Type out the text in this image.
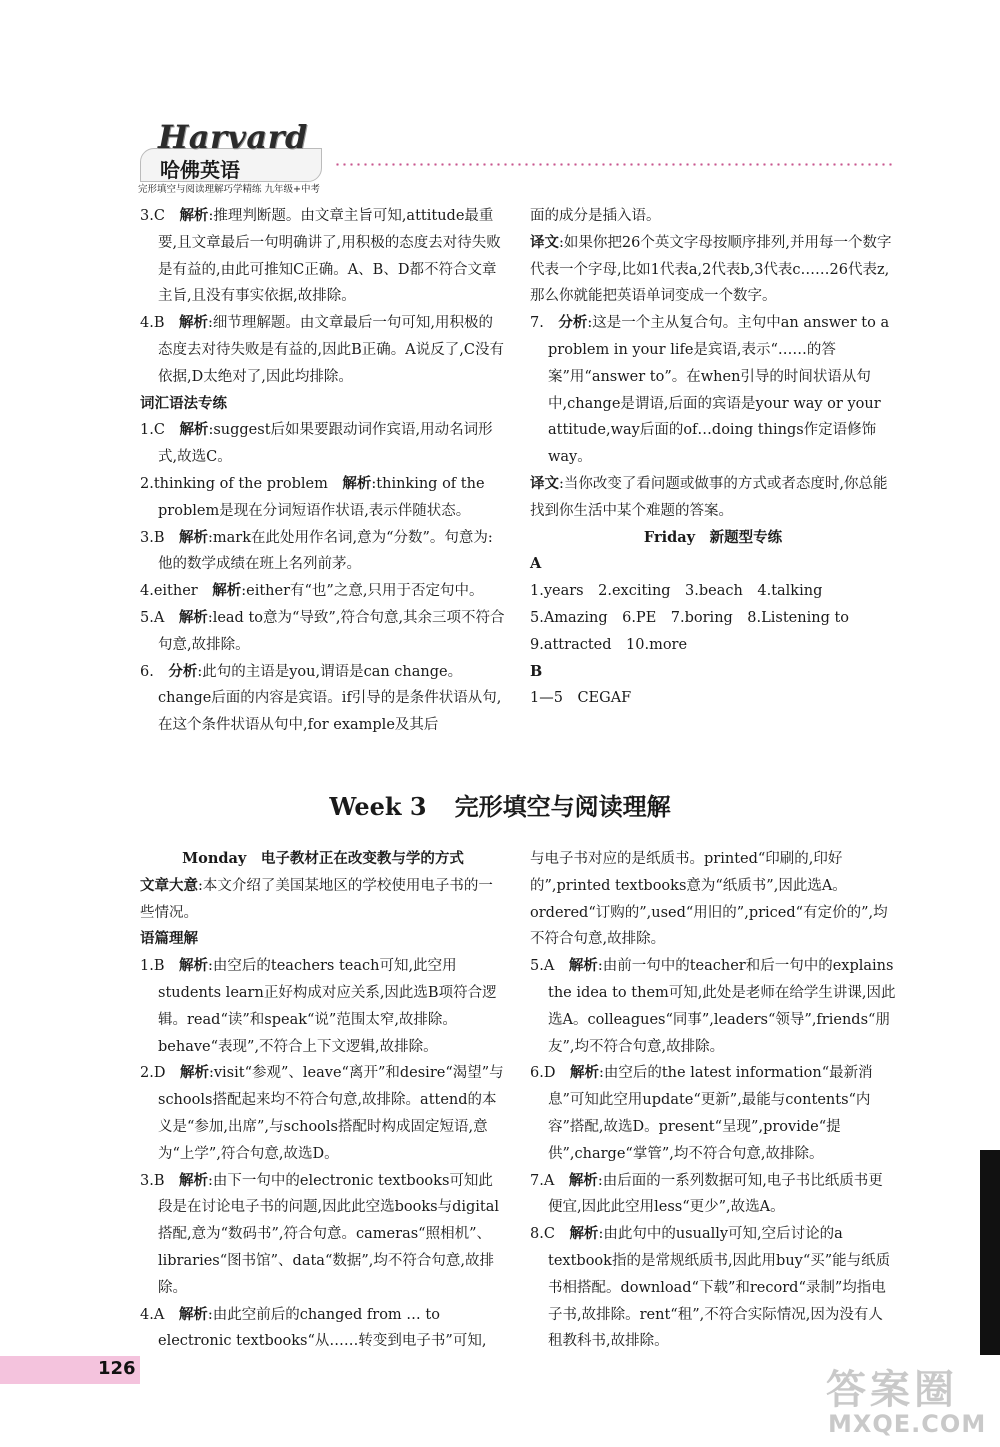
Harvard
哈佛英语
完形填空与阅读理解巧学精练 九年级+中考

3.C　 解析:推理判断题。由文章主旨可知,attitude最重要,且文章最后一句明确讲了,用积极的态度去对待失败是有益的,由此可推知C正确。A、B、D都不符合文章主旨,且没有事实依据,故排除。

4.B　 解析:细节理解题。由文章最后一句可知,用积极的态度去对待失败是有益的,因此B正确。A说反了,C没有依据,D太绝对了,因此均排除。

词汇语法专练

1.C　 解析:suggest后如果要跟动词作宾语,用动名词形式,故选C。

2.thinking of the problem　 解析:thinking of the problem是现在分词短语作状语,表示伴随状态。

3.B　 解析:mark在此处用作名词,意为“分数”。句意为:他的数学成绩在班上名列前茅。

4.either　 解析:either有“也”之意,只用于否定句中。

5.A　 解析:lead to意为“导致”,符合句意,其余三项不符合句意,故排除。

6.　 分析:此句的主语是you,谓语是can change。change后面的内容是宾语。if引导的是条件状语从句,在这个条件状语从句中,for example及其后

面的成分是插入语。

译文:如果你把26个英文字母按顺序排列,并用每一个数字代表一个字母,比如1代表a,2代表b,3代表c……26代表z,那么你就能把英语单词变成一个数字。

7.　 分析:这是一个主从复合句。主句中an answer to a problem in your life是宾语,表示“……的答案”用“answer to”。在when引导的时间状语从句中,change是谓语,后面的宾语是your way or your attitude,way后面的of…doing things作定语修饰way。

译文:当你改变了看问题或做事的方式或者态度时,你总能找到你生活中某个难题的答案。

Friday　新题型专练

A

1.years　2.exciting　3.beach　4.talking

5.Amazing　6.PE　7.boring　8.Listening to

9.attracted　10.more

B

1—5　CEGAF

Week 3 完形填空与阅读理解

Monday　电子教材正在改变教与学的方式

文章大意:本文介绍了美国某地区的学校使用电子书的一些情况。

语篇理解

1.B　 解析:由空后的teachers teach可知,此空用students learn正好构成对应关系,因此选B项符合逻辑。read“读”和speak“说”范围太窄,故排除。behave“表现”,不符合上下文逻辑,故排除。

2.D　 解析:visit“参观”、leave“离开”和desire“渴望”与schools搭配起来均不符合句意,故排除。attend的本义是“参加,出席”,与schools搭配时构成固定短语,意为“上学”,符合句意,故选D。

3.B　 解析:由下一句中的electronic textbooks可知此段是在讨论电子书的问题,因此此空选books与digital搭配,意为“数码书”,符合句意。cameras“照相机”、libraries“图书馆”、data“数据”,均不符合句意,故排除。

4.A　 解析:由此空前后的changed from … to electronic textbooks“从……转变到电子书”可知,

与电子书对应的是纸质书。printed“印刷的,印好的”,printed textbooks意为“纸质书”,因此选A。ordered“订购的”,used“用旧的”,priced“有定价的”,均不符合句意,故排除。

5.A　 解析:由前一句中的teacher和后一句中的explains the idea to them可知,此处是老师在给学生讲课,因此选A。colleagues“同事”,leaders“领导”,friends“朋友”,均不符合句意,故排除。

6.D　 解析:由空后的the latest information“最新消息”可知此空用update“更新”,最能与contents“内容”搭配,故选D。present“呈现”,provide“提供”,charge“掌管”,均不符合句意,故排除。

7.A　 解析:由后面的一系列数据可知,电子书比纸质书更便宜,因此此空用less“更少”,故选A。

8.C　 解析:由此句中的usually可知,空后讨论的a textbook指的是常规纸质书,因此用buy“买”能与纸质书相搭配。download“下载”和record“录制”均指电子书,故排除。rent“租”,不符合实际情况,因为没有人租教科书,故排除。

126	答案圈
MXQE.COM
